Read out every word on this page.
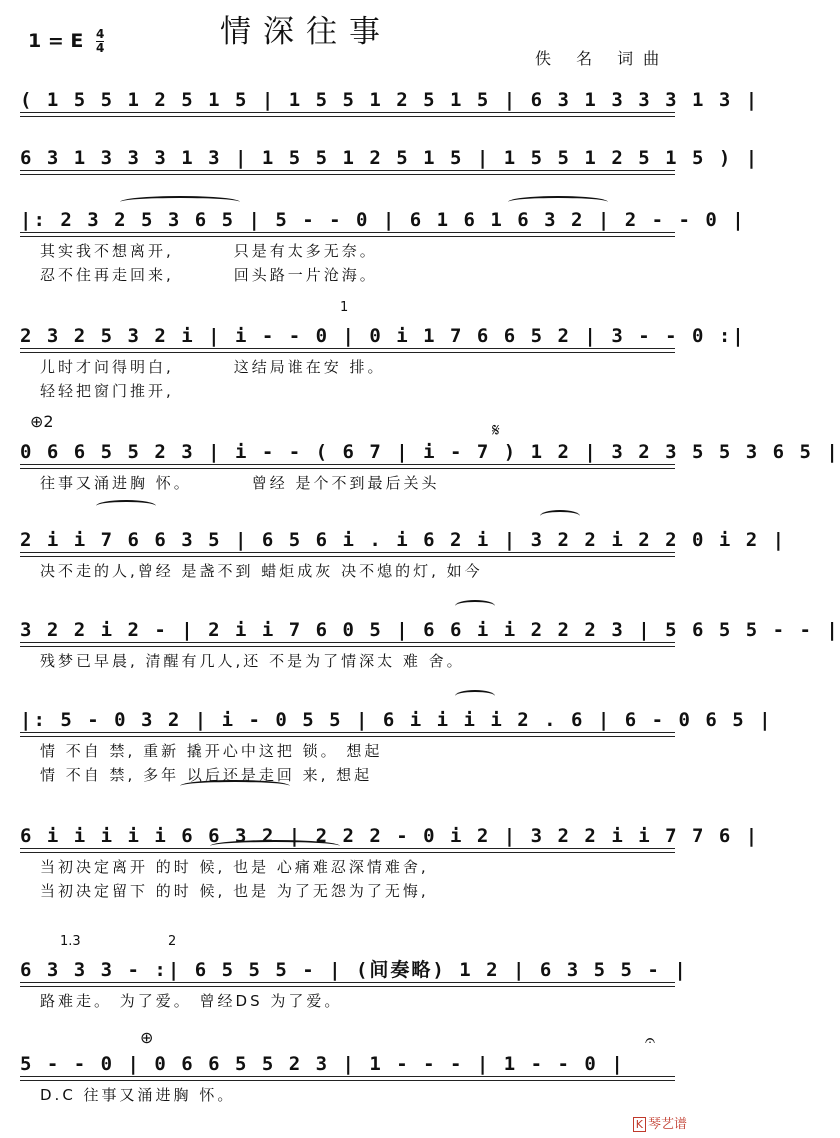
1 = E $\frac{4}{4}$	情深往事
佚 名 词曲
( 1 5 5 1 2 5 1 5 | 1 5 5 1 2 5 1 5 | 6 3 1 3 3 3 1 3 |
6 3 1 3 3 3 1 3 | 1 5 5 1 2 5 1 5 | 1 5 5 1 2 5 1 5 ) |
|: 2 3 2 5 3 6 5 | 5 - - 0 | 6 1 6 1 6 3 2 | 2 - - 0 |
其实我不想离开,	只是有太多无奈。
忍不住再走回来,	回头路一片沧海。
2 3 2 5 3 2 i | i - - 0 | 0 i 1 7 6 6 5 2 | 3 - - 0 :|
儿时才问得明白,	这结局谁在安 排。
轻轻把窗门推开,
0 6 6 5 5 2 3 | i - - ( 6 7 | i - 7 ) 1 2 | 3 2 3 5 5 3 6 5 |
往事又涌进胸 怀。	曾经 是个不到最后关头
2 i i 7 6 6 3 5 | 6 5 6 i . i 6 2 i | 3 2 2 i 2 2 0 i 2 |
决不走的人,曾经 是盏不到 蜡炬成灰 决不熄的灯, 如今
3 2 2 i 2 - | 2 i i 7 6 0 5 | 6 6 i i 2 2 2 3 | 5 6 5 5 - - |
残梦已早晨, 清醒有几人,还 不是为了情深太 难 舍。
|: 5 - 0 3 2 | i - 0 5 5 | 6 i i i i 2 . 6 | 6 - 0 6 5 |
情 不自 禁, 重新 撬开心中这把 锁。 想起
情 不自 禁, 多年 以后还是走回 来, 想起
6 i i i i i 6 6 3 2 | 2 2 2 - 0 i 2 | 3 2 2 i i 7 7 6 |
当初决定离开 的时 候, 也是 心痛难忍深情难舍,
当初决定留下 的时 候, 也是 为了无怨为了无悔,
6 3 3 3 - :| 6 5 5 5 - | (间奏略) 1 2 | 6 3 5 5 - |
路难走。 为了爱。 曾经DS 为了爱。
5 - - 0 | 0 6 6 5 5 2 3 | 1 - - - | 1 - - 0 |
D.C 往事又涌进胸 怀。
1
⊕2	𝄋
1.3	2
⊕	𝄐
K 琴艺谱
